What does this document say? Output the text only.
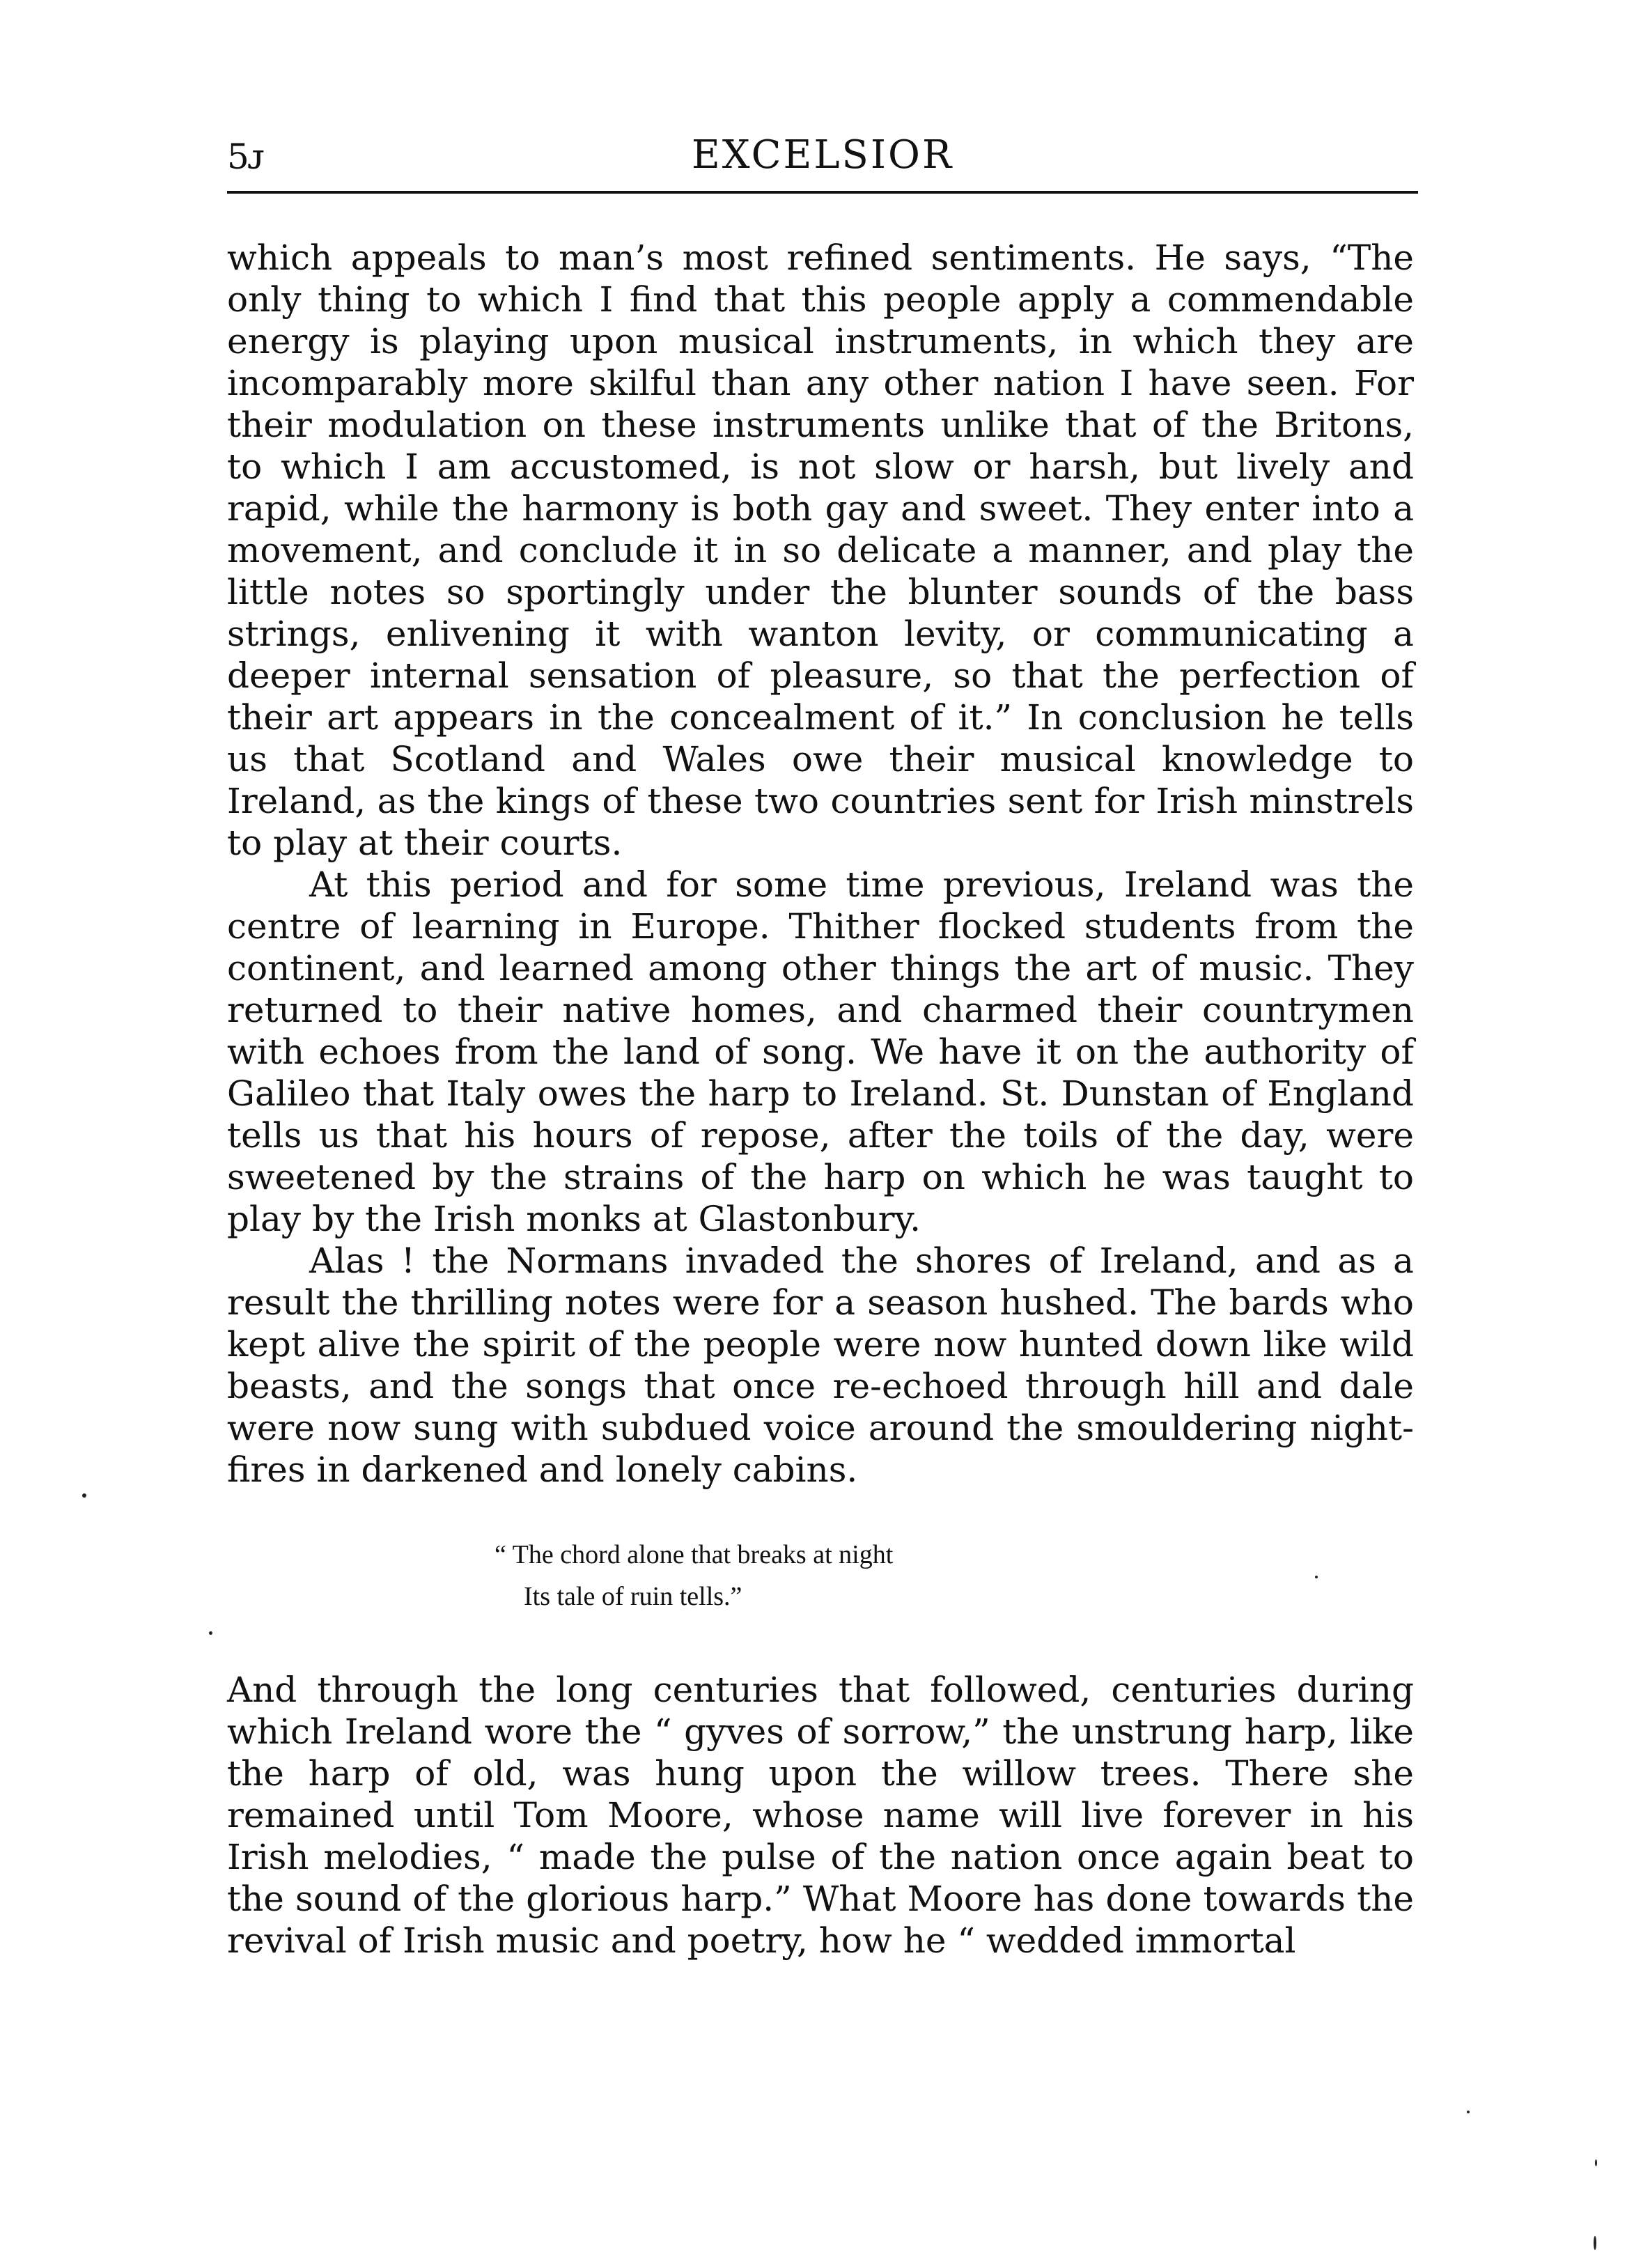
5ᴊ	EXCELSIOR

which appeals to man’s most refined sentiments. He says, “The only thing to which I find that this people apply a commendable energy is playing upon musical instruments, in which they are incomparably more skilful than any other nation I have seen. For their modulation on these instruments unlike that of the Britons, to which I am accustomed, is not slow or harsh, but lively and rapid, while the harmony is both gay and sweet. They enter into a movement, and conclude it in so delicate a manner, and play the little notes so sportingly under the blunter sounds of the bass strings, enlivening it with wanton levity, or communicating a deeper internal sensation of pleasure, so that the perfection of their art appears in the concealment of it.” In conclusion he tells us that Scotland and Wales owe their musical knowledge to Ireland, as the kings of these two countries sent for Irish minstrels to play at their courts.

At this period and for some time previous, Ireland was the centre of learning in Europe. Thither flocked students from the continent, and learned among other things the art of music. They returned to their native homes, and charmed their countrymen with echoes from the land of song. We have it on the authority of Galileo that Italy owes the harp to Ireland. St. Dunstan of England tells us that his hours of repose, after the toils of the day, were sweetened by the strains of the harp on which he was taught to play by the Irish monks at Glastonbury.

Alas ! the Normans invaded the shores of Ireland, and as a result the thrilling notes were for a season hushed. The bards who kept alive the spirit of the people were now hunted down like wild beasts, and the songs that once re-echoed through hill and dale were now sung with subdued voice around the smouldering night-fires in darkened and lonely cabins.

“ The chord alone that breaks at night
Its tale of ruin tells.”

And through the long centuries that followed, centuries during which Ireland wore the “ gyves of sorrow,” the unstrung harp, like the harp of old, was hung upon the willow trees. There she remained until Tom Moore, whose name will live forever in his Irish melodies, “ made the pulse of the nation once again beat to the sound of the glorious harp.” What Moore has done towards the revival of Irish music and poetry, how he “ wedded immortal
